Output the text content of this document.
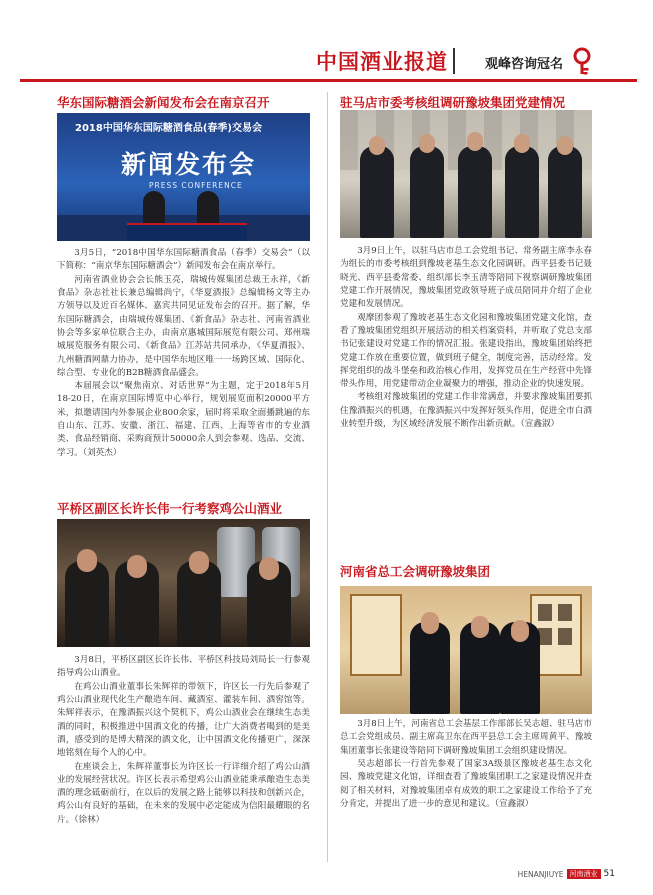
中国酒业报道	观峰咨询冠名
华东国际糖酒会新闻发布会在南京召开
2018中国华东国际糖酒食品(春季)交易会
新闻发布会
PRESS CONFERENCE

3月5日，“2018中国华东国际糖酒食品（春季）交易会”（以下简称：“南京华东国际糖酒会”）新闻发布会在南京举行。

河南省酒业协会会长熊玉亮，瑞城传媒集团总裁王永祥，《新食品》杂志社社长兼总编辑尚宁，《华夏酒报》总编辑杨文等主办方领导以及近百名媒体、嘉宾共同见证发布会的召开。据了解，华东国际糖酒会，由瑞城传媒集团、《新食品》杂志社、河南省酒业协会等多家单位联合主办，由南京惠城国际展览有限公司、郑州瑞城展览服务有限公司、《新食品》江苏站共同承办，《华夏酒报》、九州糖酒网鼎力协办，是中国华东地区唯一一场跨区域、国际化、综合型、专业化的B2B糖酒食品盛会。

本届展会以“聚焦南京、对话世界”为主题，定于2018年5月18-20日，在南京国际博览中心举行，规划展览面积20000平方米，拟邀请国内外参展企业800余家，届时将采取全面播跳遍的东自山东、江苏、安徽、浙江、福建、江西、上海等省市的专业酒类、食品经销商、采购商预计50000余人到会参观、选品、交流、学习。（刘英杰）

驻马店市委考核组调研豫坡集团党建情况

3月9日上午，以驻马店市总工会党组书记、常务副主席李永春为组长的市委考核组到豫坡老基生态文化园调研。西平县委书记聂晓光、西平县委常委、组织部长李玉清等陪同下视察调研豫坡集团党建工作开展情况，豫坡集团党政领导班子成员陪同并介绍了企业党建和发展情况。

观摩团参观了豫坡老基生态文化园和豫坡集团党建文化馆，查看了豫坡集团党组织开展活动的相关档案资料，并听取了党总支部书记张建设对党建工作的情况汇报。张建设指出，豫坡集团始终把党建工作放在重要位置，做到班子健全，制度完善，活动经常。发挥党组织的战斗堡垒和政治核心作用，发挥党员在生产经营中先锋带头作用，用党建带动企业凝聚力的增强，推动企业的快速发展。

考核组对豫坡集团的党建工作非常满意，并要求豫坡集团要抓住豫酒振兴的机遇，在豫酒振兴中发挥好领头作用，促进全市白酒业转型升级，为区域经济发展不断作出新贡献。（宣鑫淑）

平桥区副区长许长伟一行考察鸡公山酒业

3月8日，平桥区副区长许长伟、平桥区科技局刘局长一行参观指导鸡公山酒业。

在鸡公山酒业董事长朱辉祥的带领下，许区长一行先后参观了鸡公山酒业现代化生产酿造车间、藏酒室、灌装车间、酒窖馆等。朱辉祥表示，在豫酒振兴这个契机下，鸡公山酒业会在继续生态美酒的同时，积极推进中国酒文化的传播，让广大消费者喝到的是美酒，感受到的是博大精深的酒文化，让中国酒文化传播更广，深深地铭刻在每个人的心中。

在座谈会上，朱辉祥董事长为许区长一行详细介绍了鸡公山酒业的发展经营状况。许区长表示希望鸡公山酒业能秉承酿造生态美酒的理念砥砺前行，在以后的发展之路上能够以科技和创新兴企，鸡公山有良好的基础，在未来的发展中必定能成为信阳最耀眼的名片。（徐林）

河南省总工会调研豫坡集团

3月8日上午，河南省总工会基层工作部部长吴志超、驻马店市总工会党组成员、副主席高卫东在西平县总工会主席周黄平、豫坡集团董事长张建设等陪同下调研豫坡集团工会组织建设情况。

吴志超部长一行首先参观了国家3A级景区豫坡老基生态文化园、豫坡党建文化馆，详细查看了豫坡集团职工之家建设情况并查阅了相关材料，对豫坡集团卓有成效的职工之家建设工作给予了充分肯定，并提出了进一步的意见和建议。（宣鑫淑）

HENANJIUYE 河南酒业 51
